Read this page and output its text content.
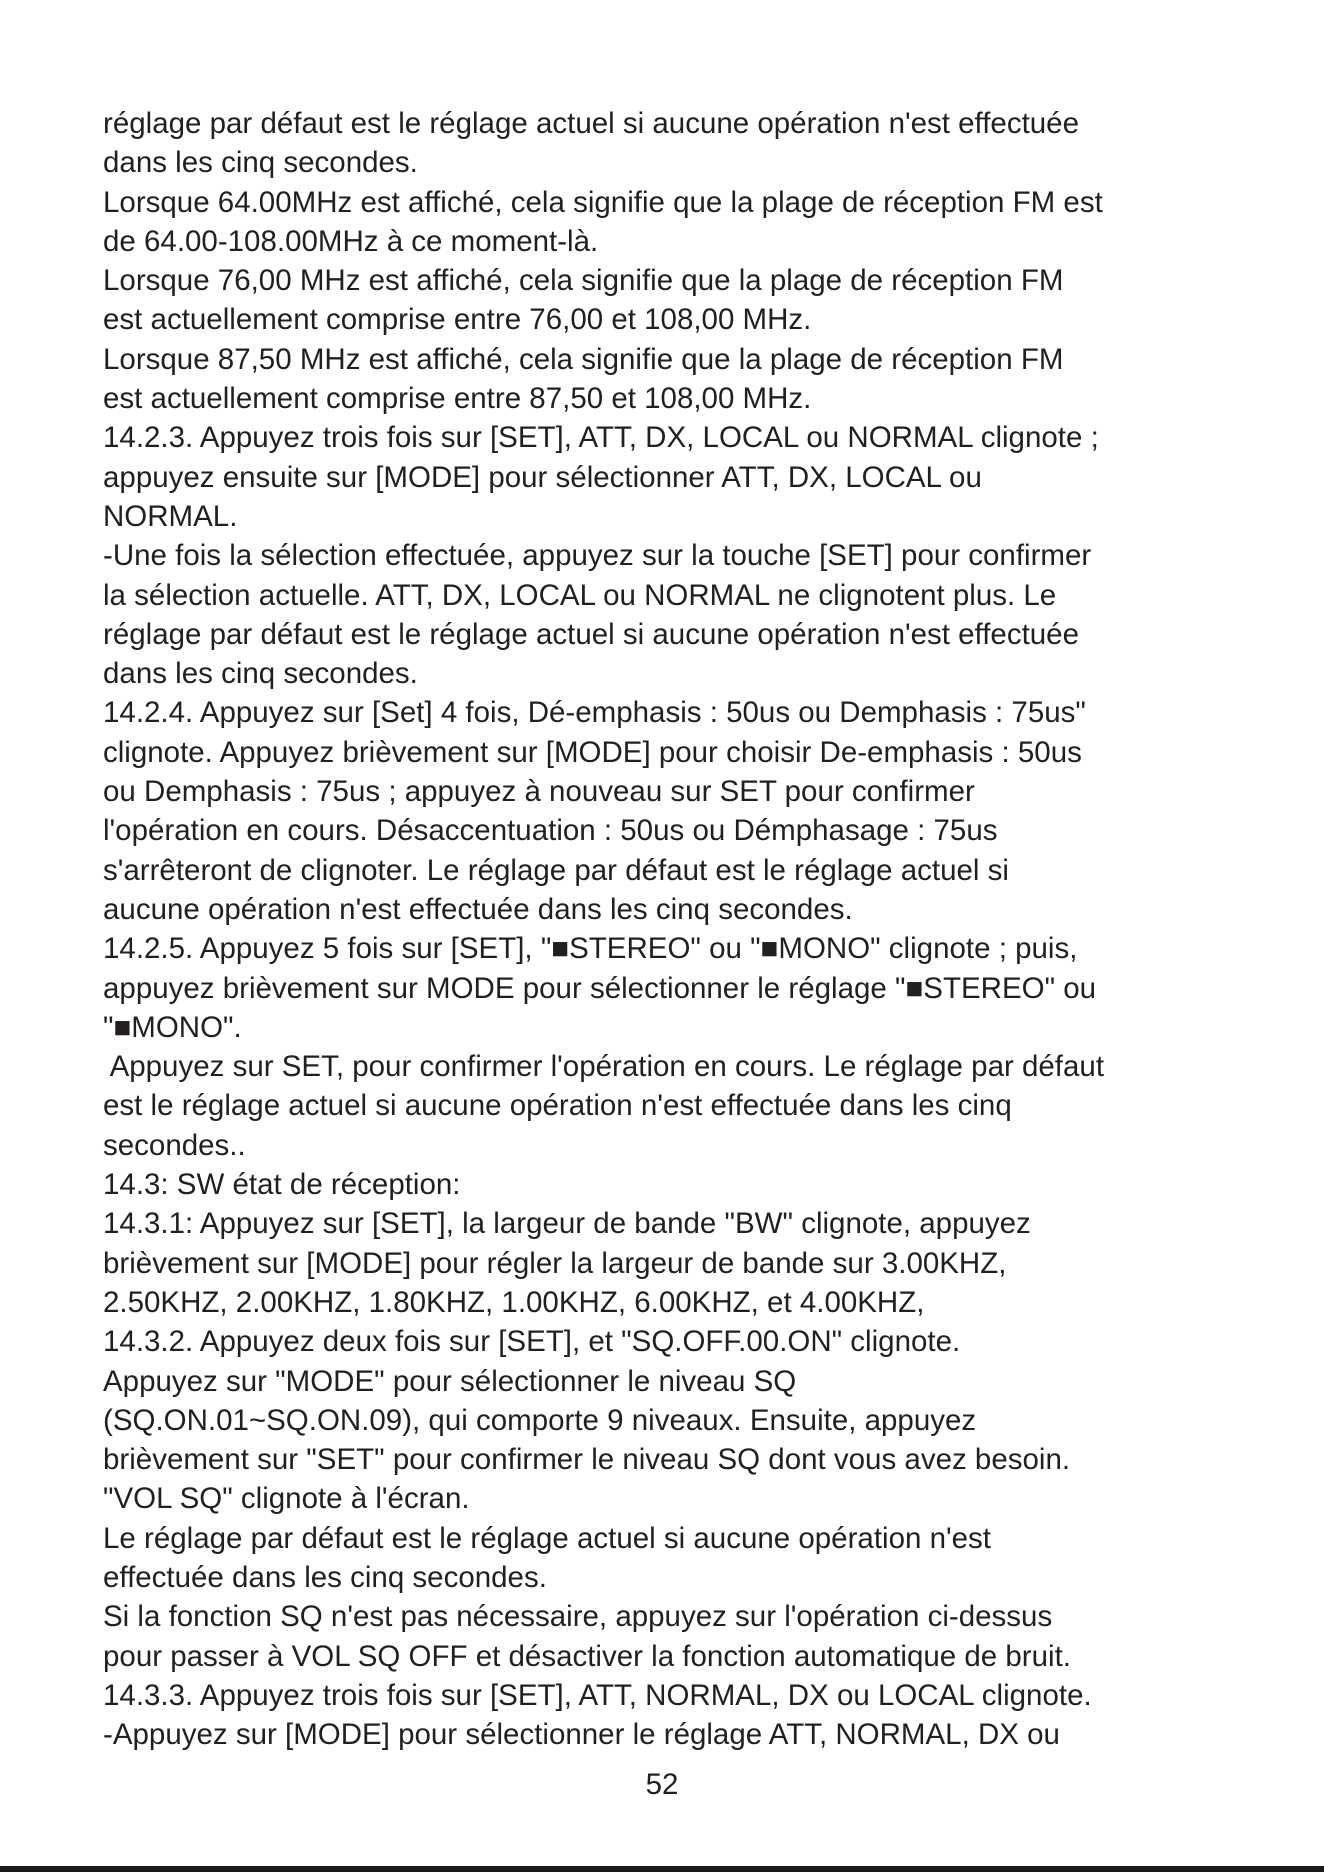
réglage par défaut est le réglage actuel si aucune opération n'est effectuée
dans les cinq secondes.
Lorsque 64.00MHz est affiché, cela signifie que la plage de réception FM est
de 64.00-108.00MHz à ce moment-là.
Lorsque 76,00 MHz est affiché, cela signifie que la plage de réception FM
est actuellement comprise entre 76,00 et 108,00 MHz.
Lorsque 87,50 MHz est affiché, cela signifie que la plage de réception FM
est actuellement comprise entre 87,50 et 108,00 MHz.
14.2.3. Appuyez trois fois sur [SET], ATT, DX, LOCAL ou NORMAL clignote ;
appuyez ensuite sur [MODE] pour sélectionner ATT, DX, LOCAL ou
NORMAL.
-Une fois la sélection effectuée, appuyez sur la touche [SET] pour confirmer
la sélection actuelle. ATT, DX, LOCAL ou NORMAL ne clignotent plus. Le
réglage par défaut est le réglage actuel si aucune opération n'est effectuée
dans les cinq secondes.
14.2.4. Appuyez sur [Set] 4 fois, Dé-emphasis : 50us ou Demphasis : 75us"
clignote. Appuyez brièvement sur [MODE] pour choisir De-emphasis : 50us
ou Demphasis : 75us ; appuyez à nouveau sur SET pour confirmer
l'opération en cours. Désaccentuation : 50us ou Démphasage : 75us
s'arrêteront de clignoter. Le réglage par défaut est le réglage actuel si
aucune opération n'est effectuée dans les cinq secondes.
14.2.5. Appuyez 5 fois sur [SET], "■STEREO" ou "■MONO" clignote ; puis,
appuyez brièvement sur MODE pour sélectionner le réglage "■STEREO" ou
"■MONO".
Appuyez sur SET, pour confirmer l'opération en cours. Le réglage par défaut
est le réglage actuel si aucune opération n'est effectuée dans les cinq
secondes..
14.3: SW état de réception:
14.3.1: Appuyez sur [SET], la largeur de bande "BW" clignote, appuyez
brièvement sur [MODE] pour régler la largeur de bande sur 3.00KHZ,
2.50KHZ, 2.00KHZ, 1.80KHZ, 1.00KHZ, 6.00KHZ, et 4.00KHZ,
14.3.2. Appuyez deux fois sur [SET], et "SQ.OFF.00.ON" clignote.
Appuyez sur "MODE" pour sélectionner le niveau SQ
(SQ.ON.01~SQ.ON.09), qui comporte 9 niveaux. Ensuite, appuyez
brièvement sur "SET" pour confirmer le niveau SQ dont vous avez besoin.
"VOL SQ" clignote à l'écran.
Le réglage par défaut est le réglage actuel si aucune opération n'est
effectuée dans les cinq secondes.
Si la fonction SQ n'est pas nécessaire, appuyez sur l'opération ci-dessus
pour passer à VOL SQ OFF et désactiver la fonction automatique de bruit.
14.3.3. Appuyez trois fois sur [SET], ATT, NORMAL, DX ou LOCAL clignote.
-Appuyez sur [MODE] pour sélectionner le réglage ATT, NORMAL, DX ou
52
